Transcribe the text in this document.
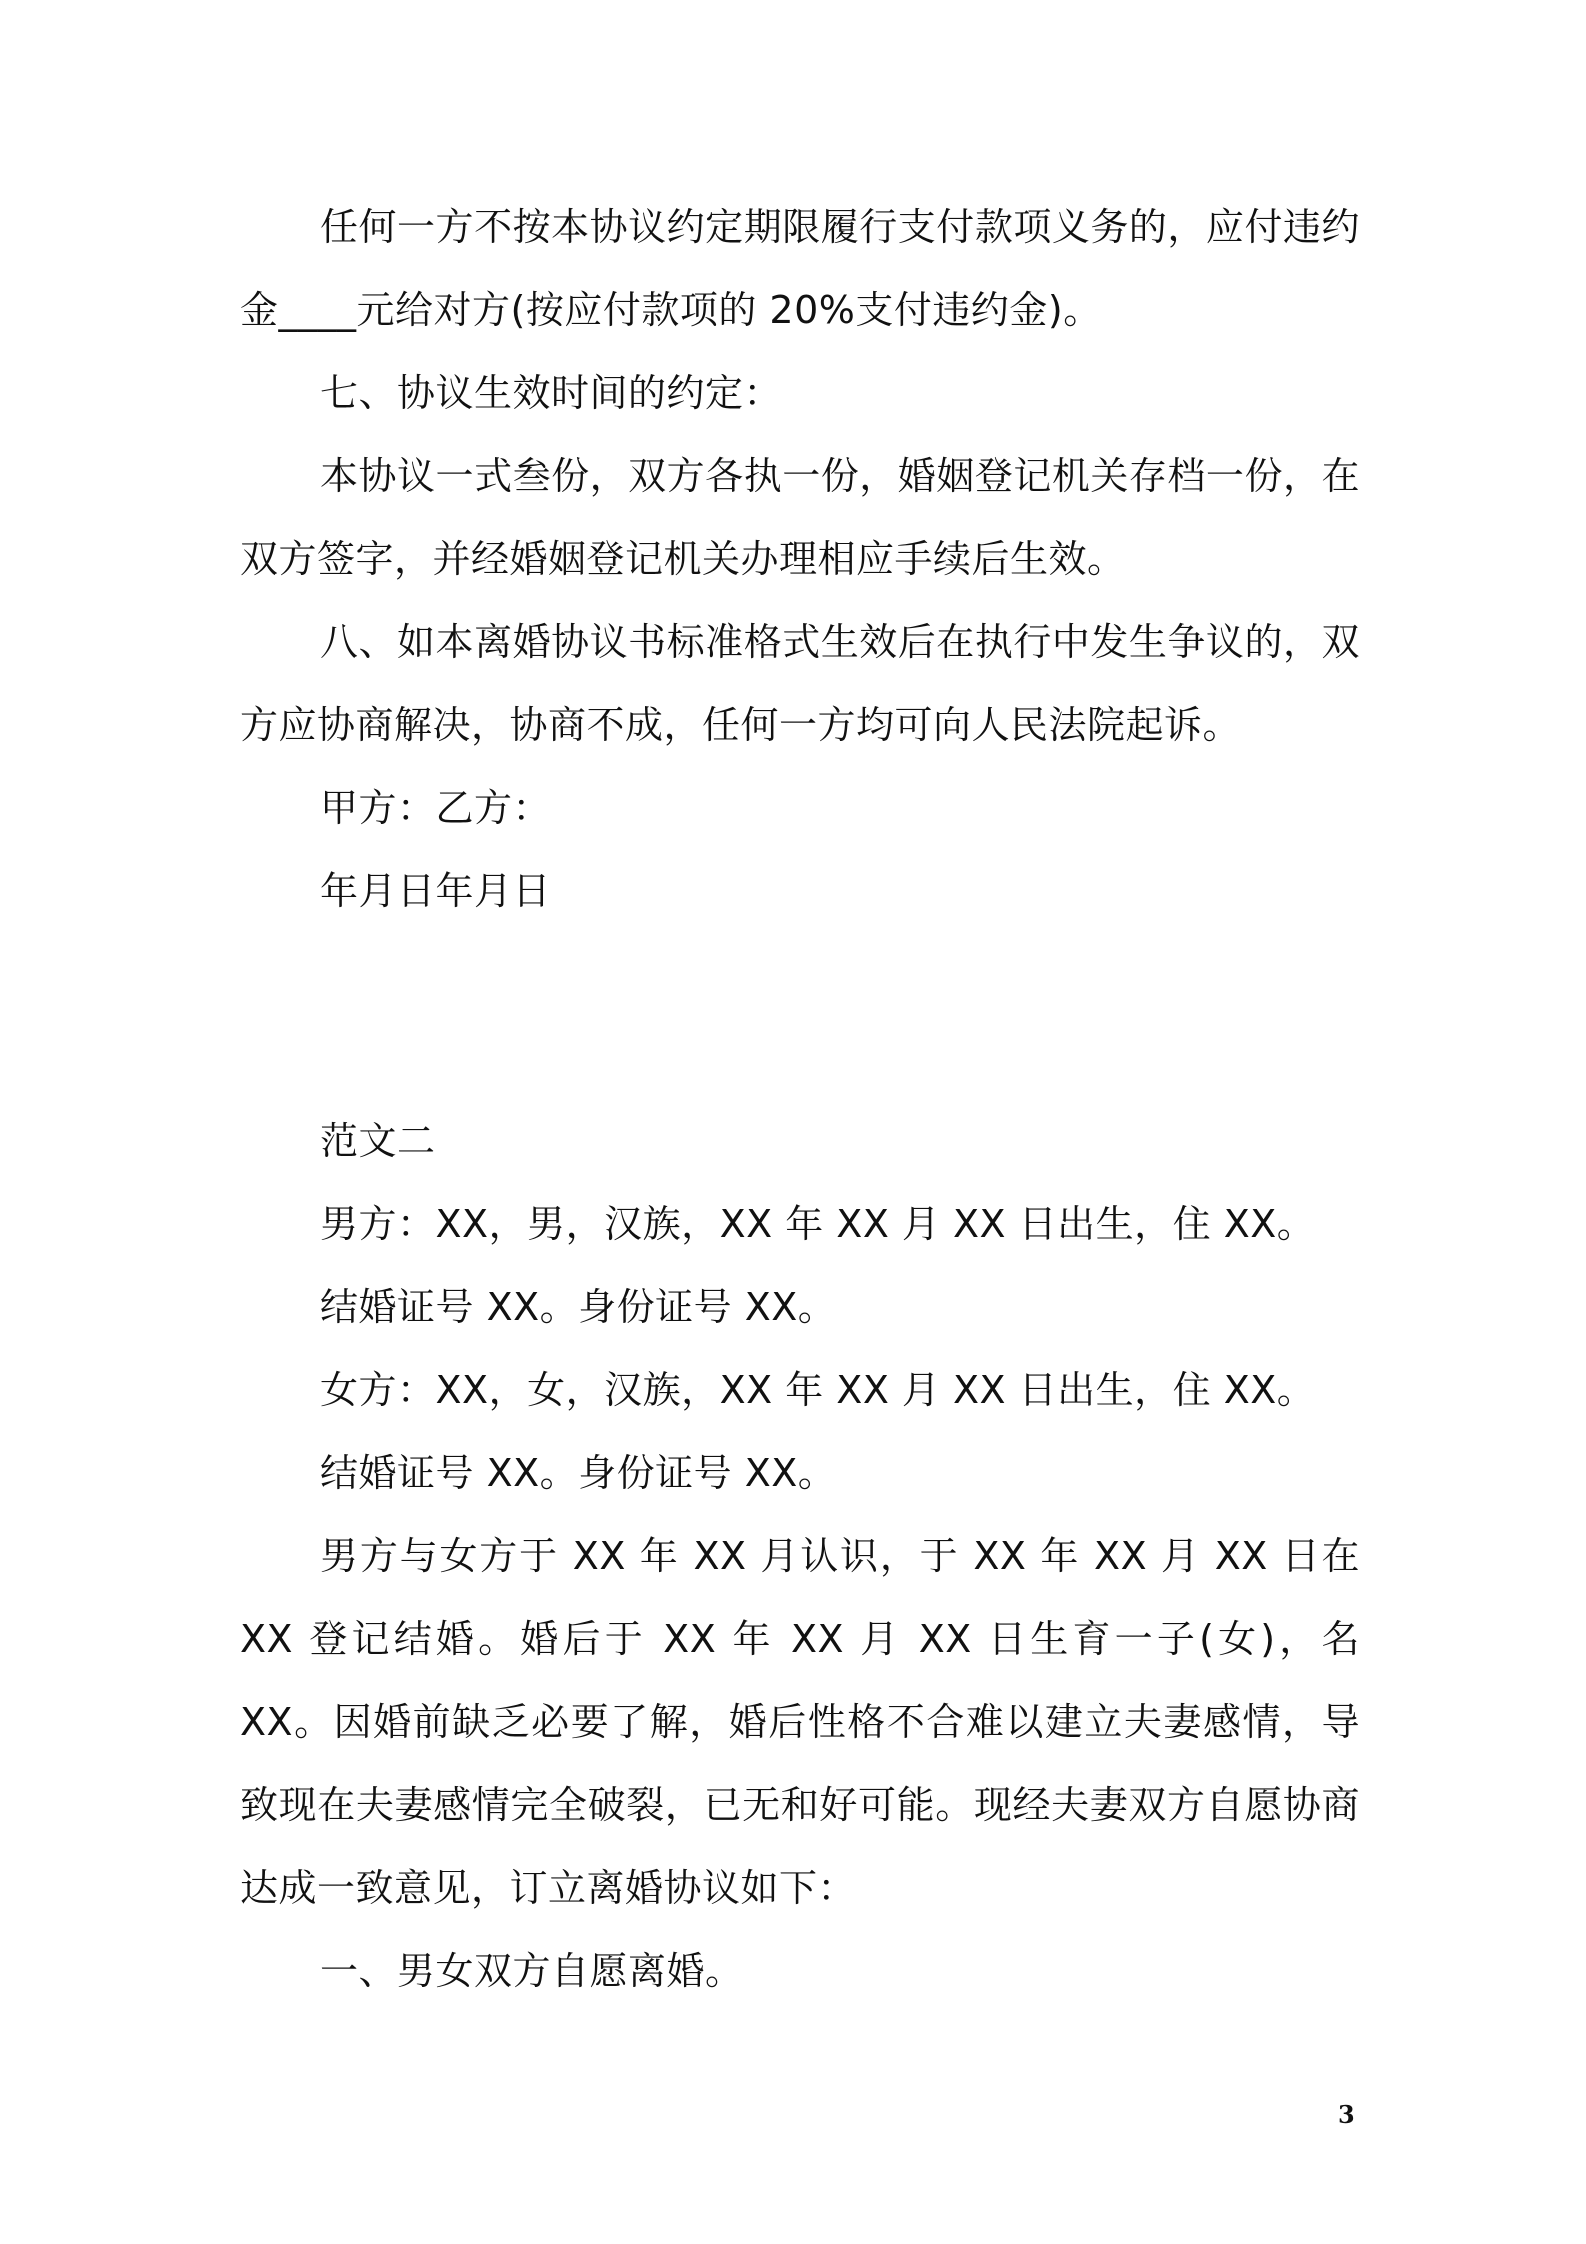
任何一方不按本协议约定期限履行支付款项义务的，应付违约金____元给对方(按应付款项的 20%支付违约金)。

七、协议生效时间的约定：

本协议一式叁份，双方各执一份，婚姻登记机关存档一份，在双方签字，并经婚姻登记机关办理相应手续后生效。

八、如本离婚协议书标准格式生效后在执行中发生争议的，双方应协商解决，协商不成，任何一方均可向人民法院起诉。

甲方：乙方：

年月日年月日

范文二

男方：XX，男，汉族，XX 年 XX 月 XX 日出生，住 XX。

结婚证号 XX。身份证号 XX。

女方：XX，女，汉族，XX 年 XX 月 XX 日出生，住 XX。

结婚证号 XX。身份证号 XX。

男方与女方于 XX 年 XX 月认识，于 XX 年 XX 月 XX 日在 XX 登记结婚。婚后于 XX 年 XX 月 XX 日生育一子(女)，名 XX。因婚前缺乏必要了解，婚后性格不合难以建立夫妻感情，导致现在夫妻感情完全破裂，已无和好可能。现经夫妻双方自愿协商达成一致意见，订立离婚协议如下：

一、男女双方自愿离婚。

3
